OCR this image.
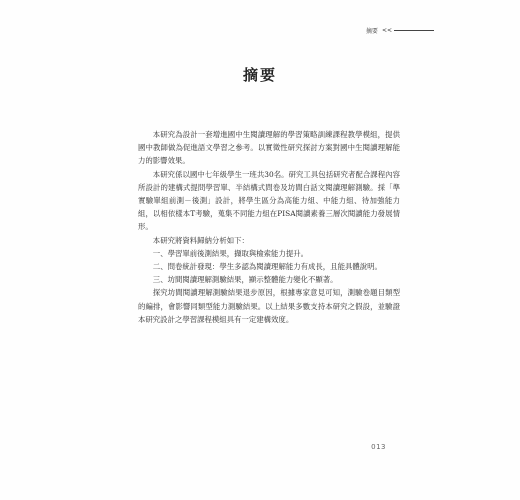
摘要 <<
摘要

本研究為設計一套增進國中生閱讀理解的學習策略訓練課程教學模組，提供國中教師做為促進語文學習之參考。以實徵性研究探討方案對國中生閱讀理解能力的影響效果。

本研究係以國中七年級學生一班共30名。研究工具包括研究者配合課程內容所設計的建構式提問學習單、半結構式問卷及坊間白話文閱讀理解測驗。採「準實驗單組前測－後測」設計，將學生區分為高能力組、中能力組、待加強能力組，以相依樣本T考驗，蒐集不同能力組在PISA閱讀素養三層次閱讀能力發展情形。

本研究將資料歸納分析如下：

一、學習單前後測結果，擷取與檢索能力提升。

二、問卷統計發現：學生多認為閱讀理解能力有成長，且能具體說明。

三、坊間閱讀理解測驗結果，顯示整體能力變化不顯著。

探究坊間閱讀理解測驗結果退步原因，根據專家意見可知，測驗卷題目類型的編排，會影響同類型能力測驗結果。以上結果多數支持本研究之假設，並驗證本研究設計之學習課程模組具有一定建構效度。

013
